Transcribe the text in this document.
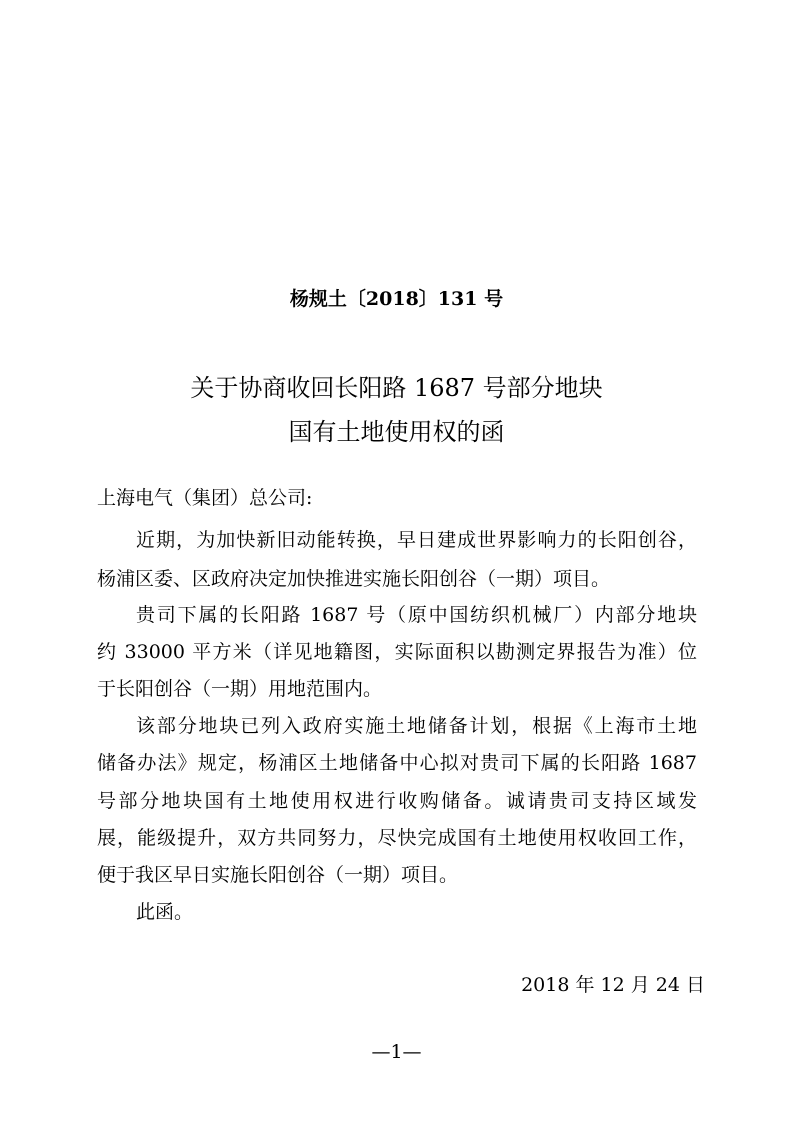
杨规土〔2018〕131 号
关于协商收回长阳路 1687 号部分地块
国有土地使用权的函
上海电气（集团）总公司:
近期，为加快新旧动能转换，早日建成世界影响力的长阳创谷，
杨浦区委、区政府决定加快推进实施长阳创谷（一期）项目。
贵司下属的长阳路 1687 号（原中国纺织机械厂）内部分地块
约 33000 平方米（详见地籍图，实际面积以勘测定界报告为准）位
于长阳创谷（一期）用地范围内。
该部分地块已列入政府实施土地储备计划，根据《上海市土地
储备办法》规定，杨浦区土地储备中心拟对贵司下属的长阳路 1687
号部分地块国有土地使用权进行收购储备。诚请贵司支持区域发
展，能级提升，双方共同努力，尽快完成国有土地使用权收回工作，
便于我区早日实施长阳创谷（一期）项目。
此函。
2018 年 12 月 24 日
—1—
